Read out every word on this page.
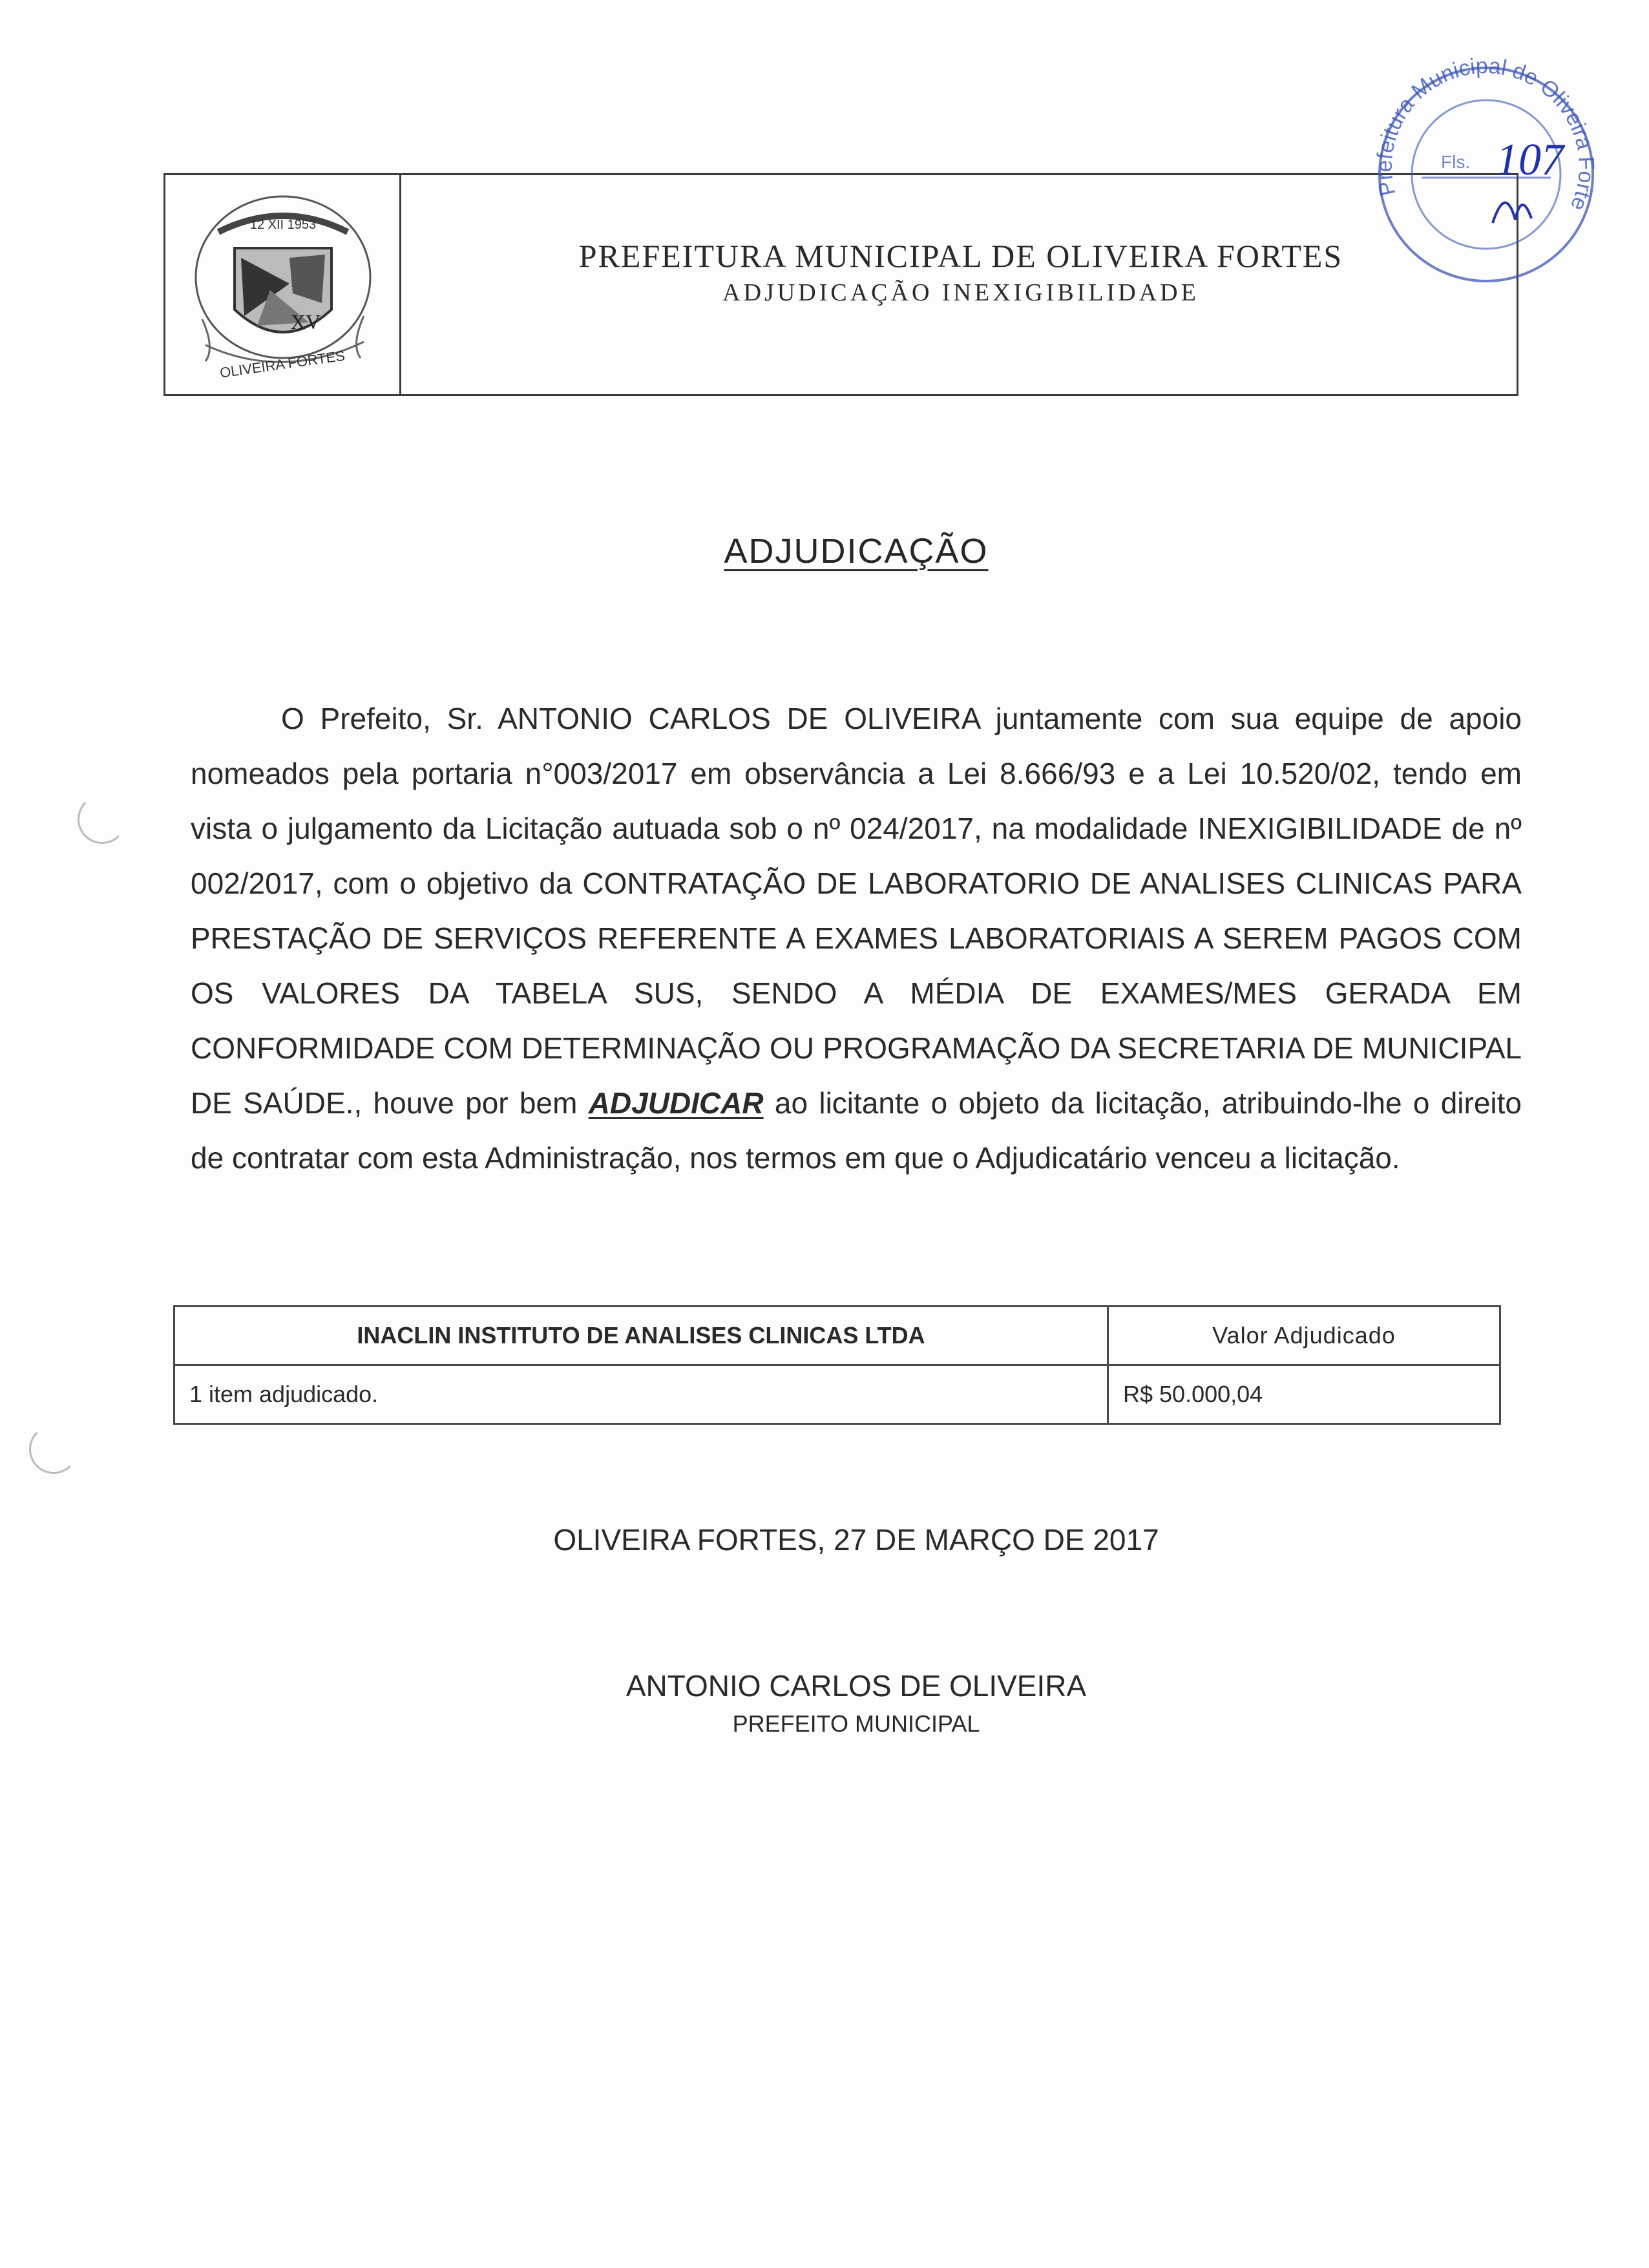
12 XII 1953
XV
OLIVEIRA FORTES
PREFEITURA MUNICIPAL DE OLIVEIRA FORTES
ADJUDICAÇÃO INEXIGIBILIDADE
Prefeitura Municipal de Oliveira Forte
Fls. 107
ADJUDICAÇÃO
O Prefeito, Sr. ANTONIO CARLOS DE OLIVEIRA juntamente com sua equipe de apoio nomeados pela portaria n°003/2017 em observância a Lei 8.666/93 e a Lei 10.520/02, tendo em vista o julgamento da Licitação autuada sob o nº 024/2017, na modalidade INEXIGIBILIDADE de nº 002/2017, com o objetivo da CONTRATAÇÃO DE LABORATORIO DE ANALISES CLINICAS PARA PRESTAÇÃO DE SERVIÇOS REFERENTE A EXAMES LABORATORIAIS A SEREM PAGOS COM OS VALORES DA TABELA SUS, SENDO A MÉDIA DE EXAMES/MES GERADA EM CONFORMIDADE COM DETERMINAÇÃO OU PROGRAMAÇÃO DA SECRETARIA DE MUNICIPAL DE SAÚDE., houve por bem ADJUDICAR ao licitante o objeto da licitação, atribuindo-lhe o direito de contratar com esta Administração, nos termos em que o Adjudicatário venceu a licitação.
INACLIN INSTITUTO DE ANALISES CLINICAS LTDA	Valor Adjudicado
1 item adjudicado.	R$ 50.000,04
OLIVEIRA FORTES, 27 DE MARÇO DE 2017
ANTONIO CARLOS DE OLIVEIRA
PREFEITO MUNICIPAL
